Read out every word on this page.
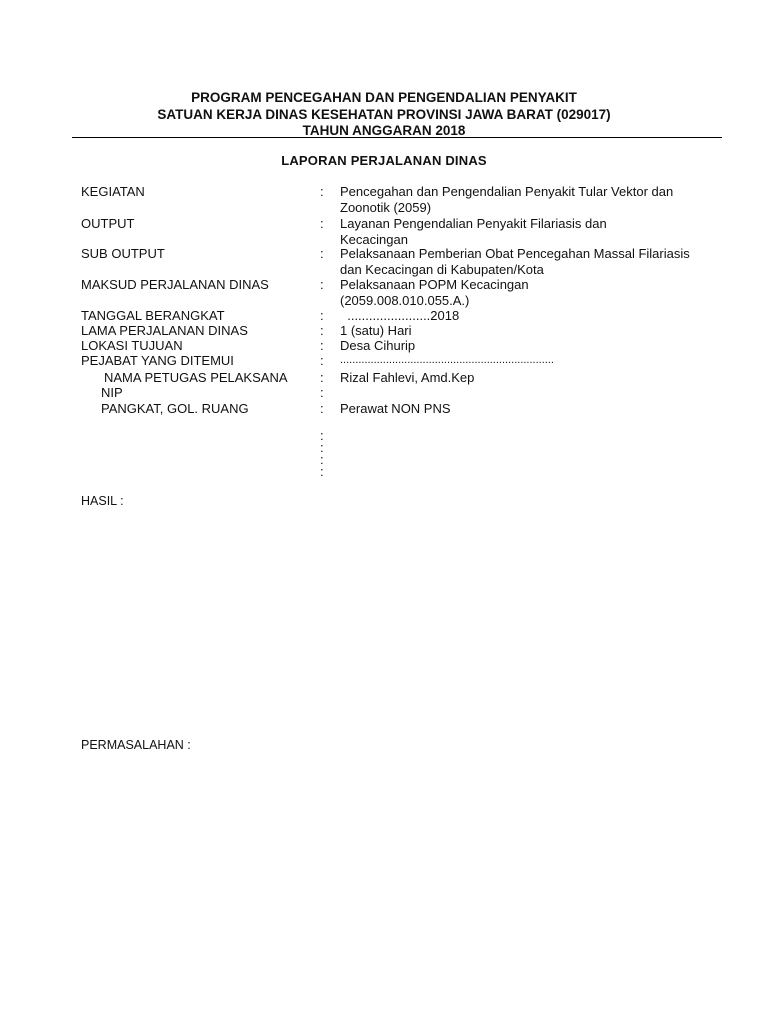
PROGRAM PENCEGAHAN DAN PENGENDALIAN PENYAKIT
SATUAN KERJA DINAS KESEHATAN PROVINSI JAWA BARAT (029017)
TAHUN ANGGARAN 2018
LAPORAN PERJALANAN DINAS
KEGIATAN	: Pencegahan dan Pengendalian Penyakit Tular Vektor dan Zoonotik (2059)
OUTPUT	: Layanan Pengendalian Penyakit Filariasis dan Kecacingan
SUB OUTPUT	: Pelaksanaan Pemberian Obat Pencegahan Massal Filariasis dan Kecacingan di Kabupaten/Kota
MAKSUD PERJALANAN DINAS	: Pelaksanaan POPM Kecacingan (2059.008.010.055.A.)
TANGGAL BERANGKAT	: .......................2018
LAMA PERJALANAN DINAS	: 1 (satu) Hari
LOKASI TUJUAN	: Desa Cihurip
PEJABAT YANG DITEMUI	: ......................................................................
NAMA PETUGAS PELAKSANA : Rizal Fahlevi, Amd.Kep
NIP	:
PANGKAT, GOL. RUANG	: Perawat NON PNS
:
:
:
:
HASIL :
PERMASALAHAN :
